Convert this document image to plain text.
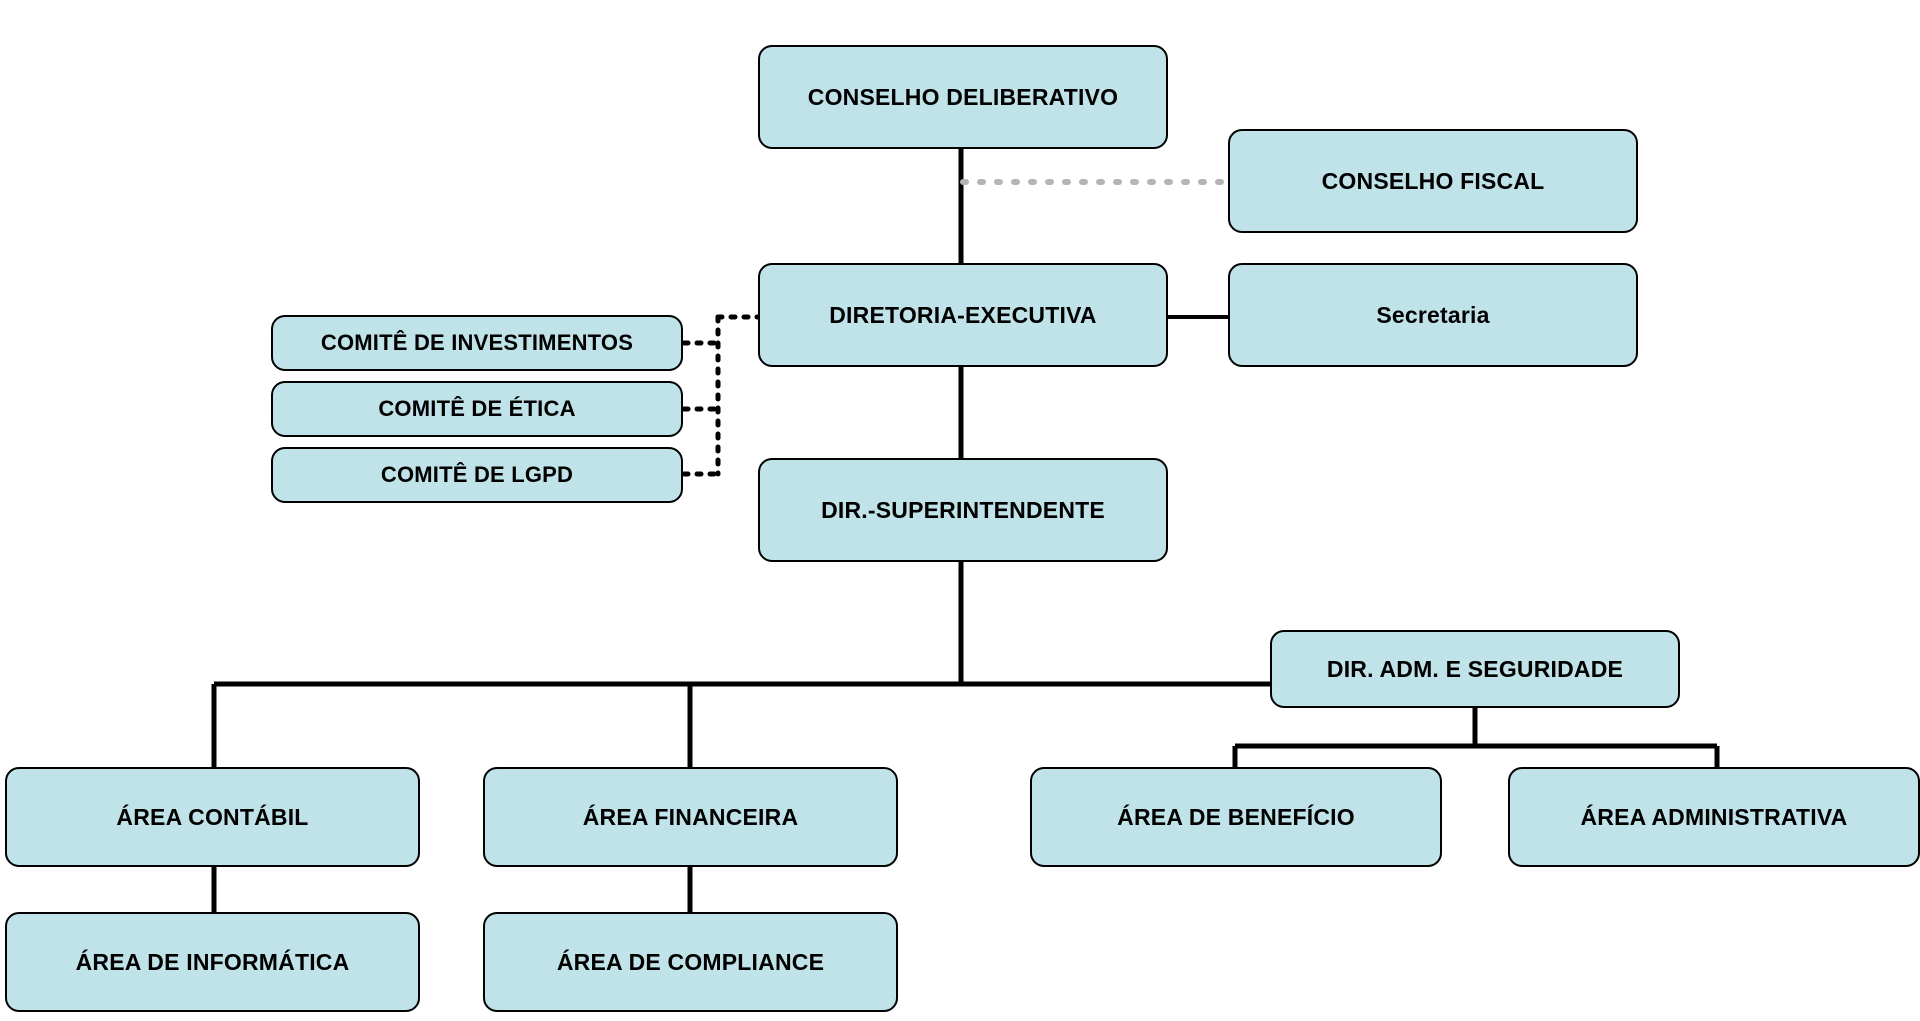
CONSELHO DELIBERATIVO
CONSELHO FISCAL
DIRETORIA-EXECUTIVA	Secretaria
COMITÊ DE INVESTIMENTOS
COMITÊ DE ÉTICA
COMITÊ DE LGPD
DIR.-SUPERINTENDENTE
DIR. ADM. E SEGURIDADE
ÁREA CONTÁBIL	ÁREA FINANCEIRA	ÁREA DE BENEFÍCIO	ÁREA ADMINISTRATIVA
ÁREA DE INFORMÁTICA	ÁREA DE COMPLIANCE
